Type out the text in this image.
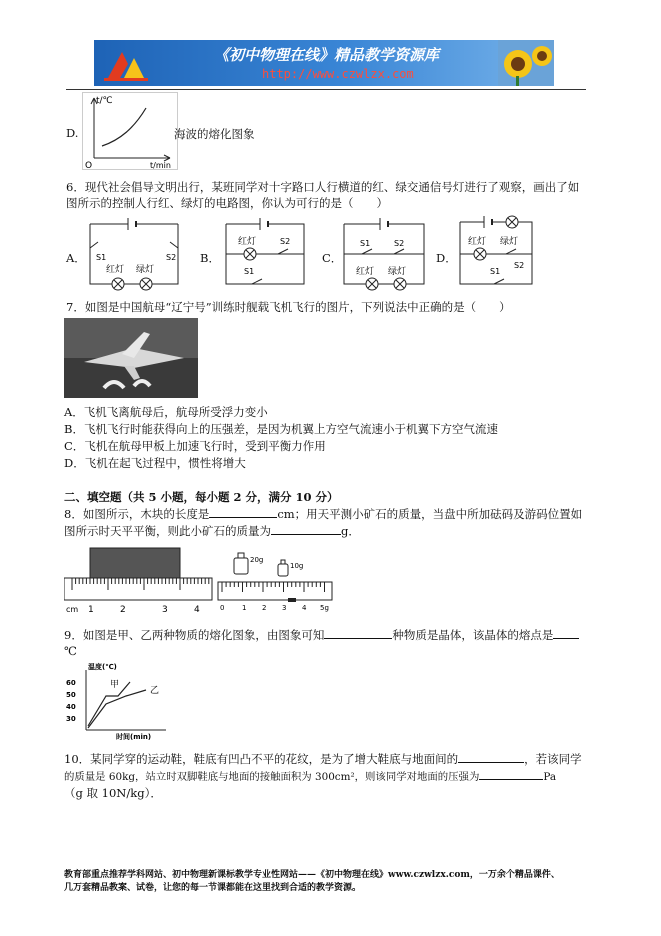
《初中物理在线》精品教学资源库
http://www.czwlzx.com
D.
t/℃
O	t/min
海波的熔化图象
6．现代社会倡导文明出行，某班同学对十字路口人行横道的红、绿交通信号灯进行了观察，画出了如
图所示的控制人行红、绿灯的电路图，你认为可行的是（　　）
A． S1	S2
红灯 绿灯
B．
红灯	S2
S1
C．
S1	S2
红灯 绿灯
D．
红灯 绿灯
S2
S1
7．如图是中国航母“辽宁号”训练时舰载飞机飞行的图片，下列说法中正确的是（　　）
A．飞机飞离航母后，航母所受浮力变小
B．飞机飞行时能获得向上的压强差，是因为机翼上方空气流速小于机翼下方空气流速
C．飞机在航母甲板上加速飞行时，受到平衡力作用
D．飞机在起飞过程中，惯性将增大
二、填空题（共 5 小题，每小题 2 分，满分 10 分）
8．如图所示，木块的长度是	cm；用天平测小矿石的质量，当盘中所加砝码及游码位置如
图所示时天平平衡，则此小矿石的质量为	g．
cm 1	2	3	4
20g
10g
0	1 2 3 4 5g
9．如图是甲、乙两种物质的熔化图象，由图象可知	种物质是晶体，该晶体的熔点是
℃
温度(℃)
60
50
40
30
甲
乙
时间(min)
10．某同学穿的运动鞋，鞋底有凹凸不平的花纹，是为了增大鞋底与地面间的	，若该同学
的质量是 60kg，站立时双脚鞋底与地面的接触面积为 300cm²，则该同学对地面的压强为	Pa
（g 取 10N/kg）．
教育部重点推荐学科网站、初中物理新课标教学专业性网站——《初中物理在线》www.czwlzx.com，一万余个精品课件、
几万套精品教案、试卷，让您的每一节课都能在这里找到合适的教学资源。
